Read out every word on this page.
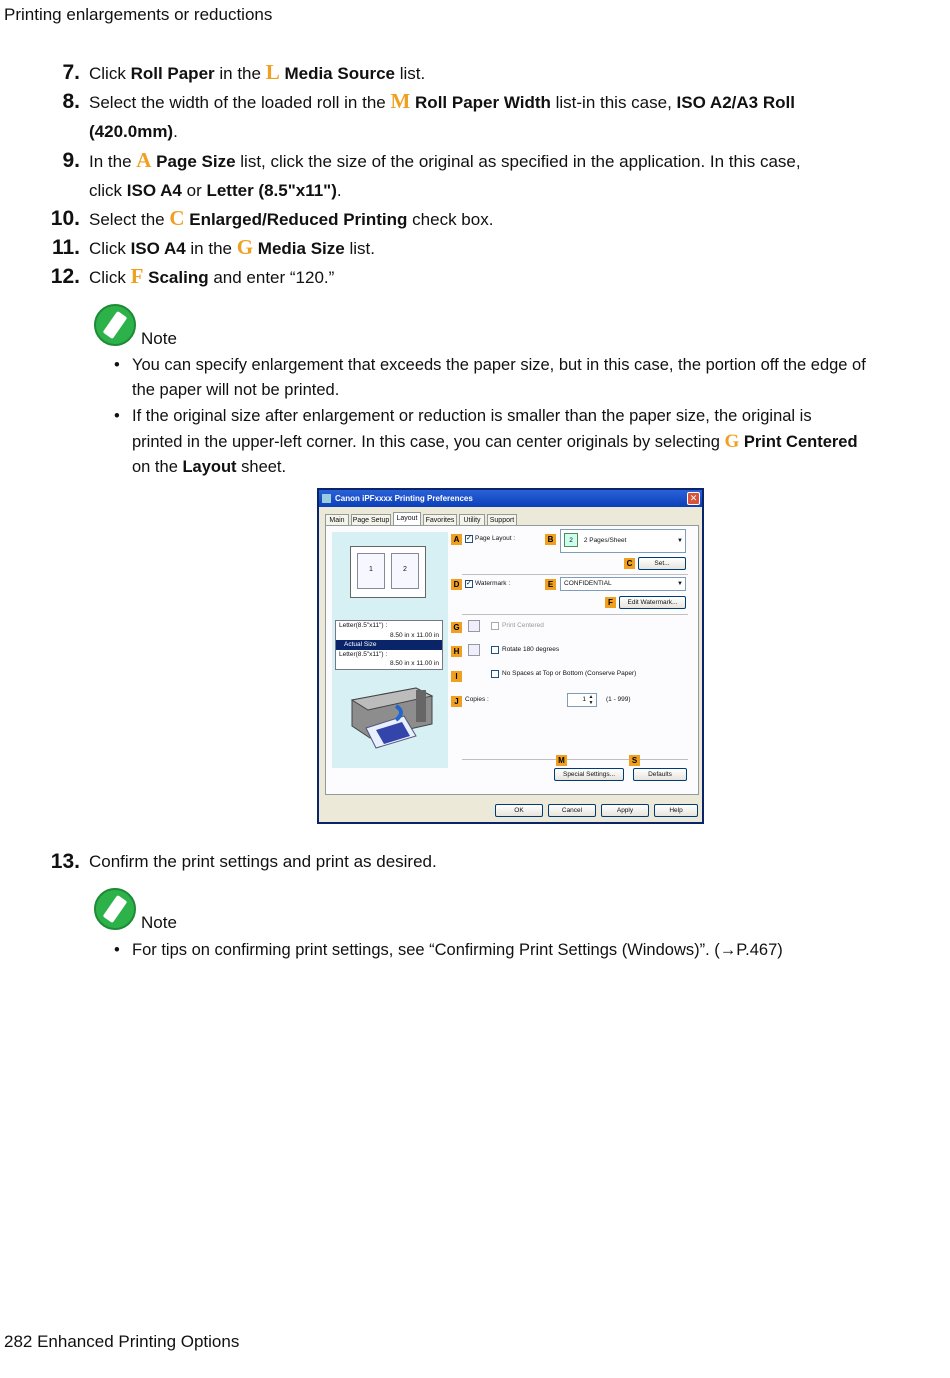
Printing enlargements or reductions
7. Click Roll Paper in the L Media Source list.
8. Select the width of the loaded roll in the M Roll Paper Width list-in this case, ISO A2/A3 Roll
(420.0mm).
9. In the A Page Size list, click the size of the original as specified in the application. In this case,
click ISO A4 or Letter (8.5"x11").
10. Select the C Enlarged/Reduced Printing check box.
11. Click ISO A4 in the G Media Size list.
12. Click F Scaling and enter “120.”
Note
• You can specify enlargement that exceeds the paper size, but in this case, the portion off the edge of
the paper will not be printed.
• If the original size after enlargement or reduction is smaller than the paper size, the original is
printed in the upper-left corner. In this case, you can center originals by selecting G Print Centered
on the Layout sheet.
Canon iPFxxxx Printing Preferences	✕
Main	Page Setup	Layout	Favorites	Utility	Support
1	2
Letter(8.5"x11") :
8.50 in x 11.00 in
Actual Size
Letter(8.5"x11") :
8.50 in x 11.00 in
A ✓ Page Layout :	B	2 2 Pages/Sheet	▼
C	Set...
D ✓ Watermark :	E	CONFIDENTIAL	▼
F	Edit Watermark...
G	Print Centered
H	Rotate 180 degrees
I	No Spaces at Top or Bottom (Conserve Paper)
J Copies :	1 ▲
▼	(1 - 999)
M	S
Special Settings...	Defaults
OK	Cancel	Apply	Help
13. Confirm the print settings and print as desired.
Note
• For tips on confirming print settings, see “Confirming Print Settings (Windows)”. (→P.467)
282 Enhanced Printing Options
